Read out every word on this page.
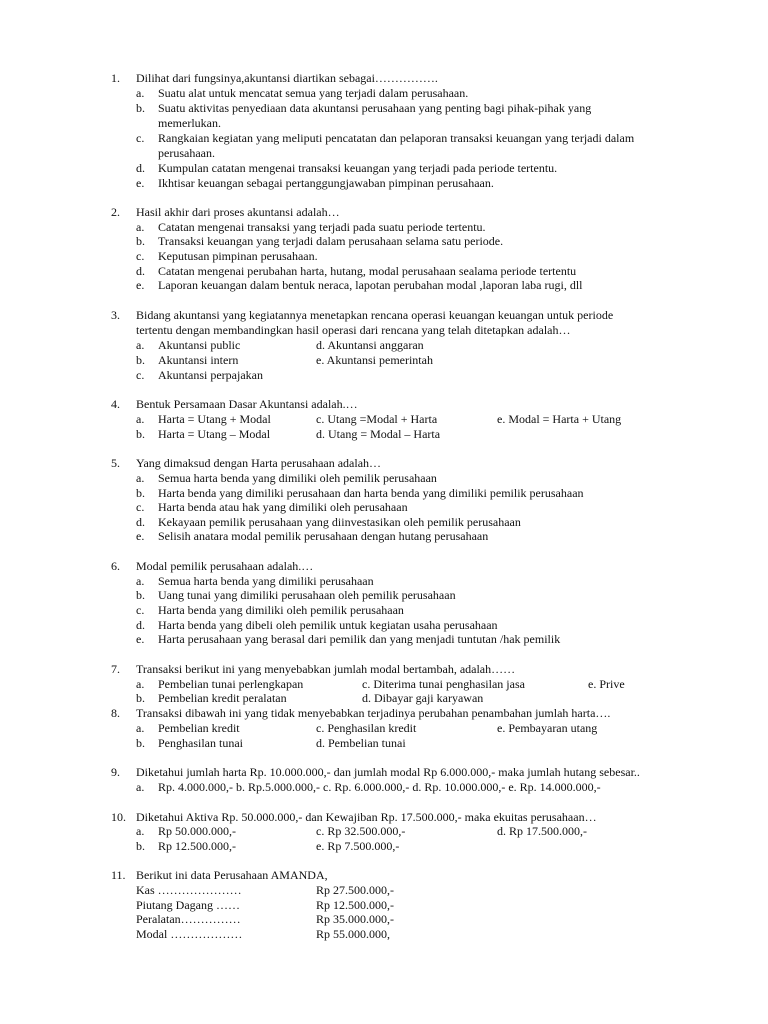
1. Dilihat dari fungsinya,akuntansi diartikan sebagai…………….
a. Suatu alat untuk mencatat semua yang terjadi dalam perusahaan.
b. Suatu aktivitas penyediaan data akuntansi perusahaan yang penting bagi pihak-pihak yang
memerlukan.
c. Rangkaian kegiatan yang meliputi pencatatan dan pelaporan transaksi keuangan yang terjadi dalam
perusahaan.
d. Kumpulan catatan mengenai transaksi keuangan yang terjadi pada periode tertentu.
e. Ikhtisar keuangan sebagai pertanggungjawaban pimpinan perusahaan.
2. Hasil akhir dari proses akuntansi adalah…
a. Catatan mengenai transaksi yang terjadi pada suatu periode tertentu.
b. Transaksi keuangan yang terjadi dalam perusahaan selama satu periode.
c. Keputusan pimpinan perusahaan.
d. Catatan mengenai perubahan harta, hutang, modal perusahaan sealama periode tertentu
e. Laporan keuangan dalam bentuk neraca, lapotan perubahan modal ,laporan laba rugi, dll
3. Bidang akuntansi yang kegiatannya menetapkan rencana operasi keuangan keuangan untuk periode
tertentu dengan membandingkan hasil operasi dari rencana yang telah ditetapkan adalah…
a. Akuntansi public	d. Akuntansi anggaran
b. Akuntansi intern	e. Akuntansi pemerintah
c. Akuntansi perpajakan
4. Bentuk Persamaan Dasar Akuntansi adalah.…
a. Harta = Utang + Modal	c. Utang =Modal + Harta	e. Modal = Harta + Utang
b. Harta = Utang – Modal	d. Utang = Modal – Harta
5. Yang dimaksud dengan Harta perusahaan adalah…
a. Semua harta benda yang dimiliki oleh pemilik perusahaan
b. Harta benda yang dimiliki perusahaan dan harta benda yang dimiliki pemilik perusahaan
c. Harta benda atau hak yang dimiliki oleh perusahaan
d. Kekayaan pemilik perusahaan yang diinvestasikan oleh pemilik perusahaan
e. Selisih anatara modal pemilik perusahaan dengan hutang perusahaan
6. Modal pemilik perusahaan adalah.…
a. Semua harta benda yang dimiliki perusahaan
b. Uang tunai yang dimiliki perusahaan oleh pemilik perusahaan
c. Harta benda yang dimiliki oleh pemilik perusahaan
d. Harta benda yang dibeli oleh pemilik untuk kegiatan usaha perusahaan
e. Harta perusahaan yang berasal dari pemilik dan yang menjadi tuntutan /hak pemilik
7. Transaksi berikut ini yang menyebabkan jumlah modal bertambah, adalah……
a. Pembelian tunai perlengkapan	c. Diterima tunai penghasilan jasa	e. Prive
b. Pembelian kredit peralatan	d. Dibayar gaji karyawan
8. Transaksi dibawah ini yang tidak menyebabkan terjadinya perubahan penambahan jumlah harta….
a. Pembelian kredit	c. Penghasilan kredit	e. Pembayaran utang
b. Penghasilan tunai	d. Pembelian tunai
9. Diketahui jumlah harta Rp. 10.000.000,- dan jumlah modal Rp 6.000.000,- maka jumlah hutang sebesar..
a. Rp. 4.000.000,- b. Rp.5.000.000,- c. Rp. 6.000.000,- d. Rp. 10.000.000,- e. Rp. 14.000.000,-
10. Diketahui Aktiva Rp. 50.000.000,- dan Kewajiban Rp. 17.500.000,- maka ekuitas perusahaan…
a. Rp 50.000.000,-	c. Rp 32.500.000,-	d. Rp 17.500.000,-
b. Rp 12.500.000,-	e. Rp 7.500.000,-
11. Berikut ini data Perusahaan AMANDA,
Kas …………………	Rp 27.500.000,-
Piutang Dagang ……	Rp 12.500.000,-
Peralatan……………	Rp 35.000.000,-
Modal ………………	Rp 55.000.000,
